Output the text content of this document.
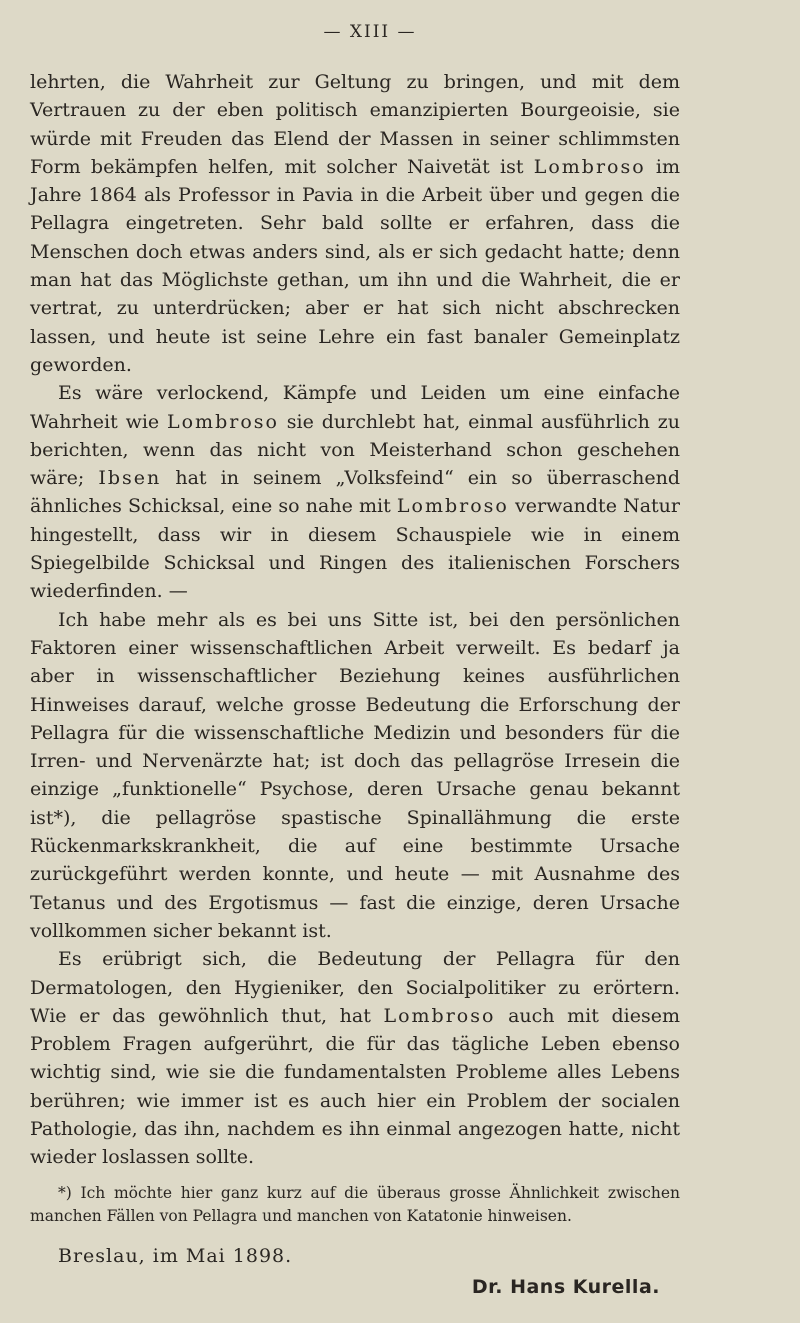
— XIII —

lehrten, die Wahrheit zur Geltung zu bringen, und mit dem Vertrauen zu der eben politisch emanzipierten Bourgeoisie, sie würde mit Freuden das Elend der Massen in seiner schlimmsten Form bekämpfen helfen, mit solcher Naivetät ist Lombroso im Jahre 1864 als Professor in Pavia in die Arbeit über und gegen die Pellagra eingetreten. Sehr bald sollte er erfahren, dass die Menschen doch etwas anders sind, als er sich gedacht hatte; denn man hat das Möglichste gethan, um ihn und die Wahrheit, die er vertrat, zu unterdrücken; aber er hat sich nicht abschrecken lassen, und heute ist seine Lehre ein fast banaler Gemeinplatz geworden.

Es wäre verlockend, Kämpfe und Leiden um eine einfache Wahrheit wie Lombroso sie durchlebt hat, einmal ausführlich zu berichten, wenn das nicht von Meisterhand schon geschehen wäre; Ibsen hat in seinem „Volksfeind“ ein so überraschend ähnliches Schicksal, eine so nahe mit Lombroso verwandte Natur hingestellt, dass wir in diesem Schauspiele wie in einem Spiegelbilde Schicksal und Ringen des italienischen Forschers wiederfinden. —

Ich habe mehr als es bei uns Sitte ist, bei den persönlichen Faktoren einer wissenschaftlichen Arbeit verweilt. Es bedarf ja aber in wissenschaftlicher Beziehung keines ausführlichen Hinweises darauf, welche grosse Bedeutung die Erforschung der Pellagra für die wissenschaftliche Medizin und besonders für die Irren- und Nervenärzte hat; ist doch das pellagröse Irresein die einzige „funktionelle“ Psychose, deren Ursache genau bekannt ist*), die pellagröse spastische Spinallähmung die erste Rückenmarkskrankheit, die auf eine bestimmte Ursache zurückgeführt werden konnte, und heute — mit Ausnahme des Tetanus und des Ergotismus — fast die einzige, deren Ursache vollkommen sicher bekannt ist.

Es erübrigt sich, die Bedeutung der Pellagra für den Dermatologen, den Hygieniker, den Socialpolitiker zu erörtern. Wie er das gewöhnlich thut, hat Lombroso auch mit diesem Problem Fragen aufgerührt, die für das tägliche Leben ebenso wichtig sind, wie sie die fundamentalsten Probleme alles Lebens berühren; wie immer ist es auch hier ein Problem der socialen Pathologie, das ihn, nachdem es ihn einmal angezogen hatte, nicht wieder loslassen sollte.

*) Ich möchte hier ganz kurz auf die überaus grosse Ähnlichkeit zwischen manchen Fällen von Pellagra und manchen von Katatonie hinweisen.

Breslau, im Mai 1898.
Dr. Hans Kurella.
